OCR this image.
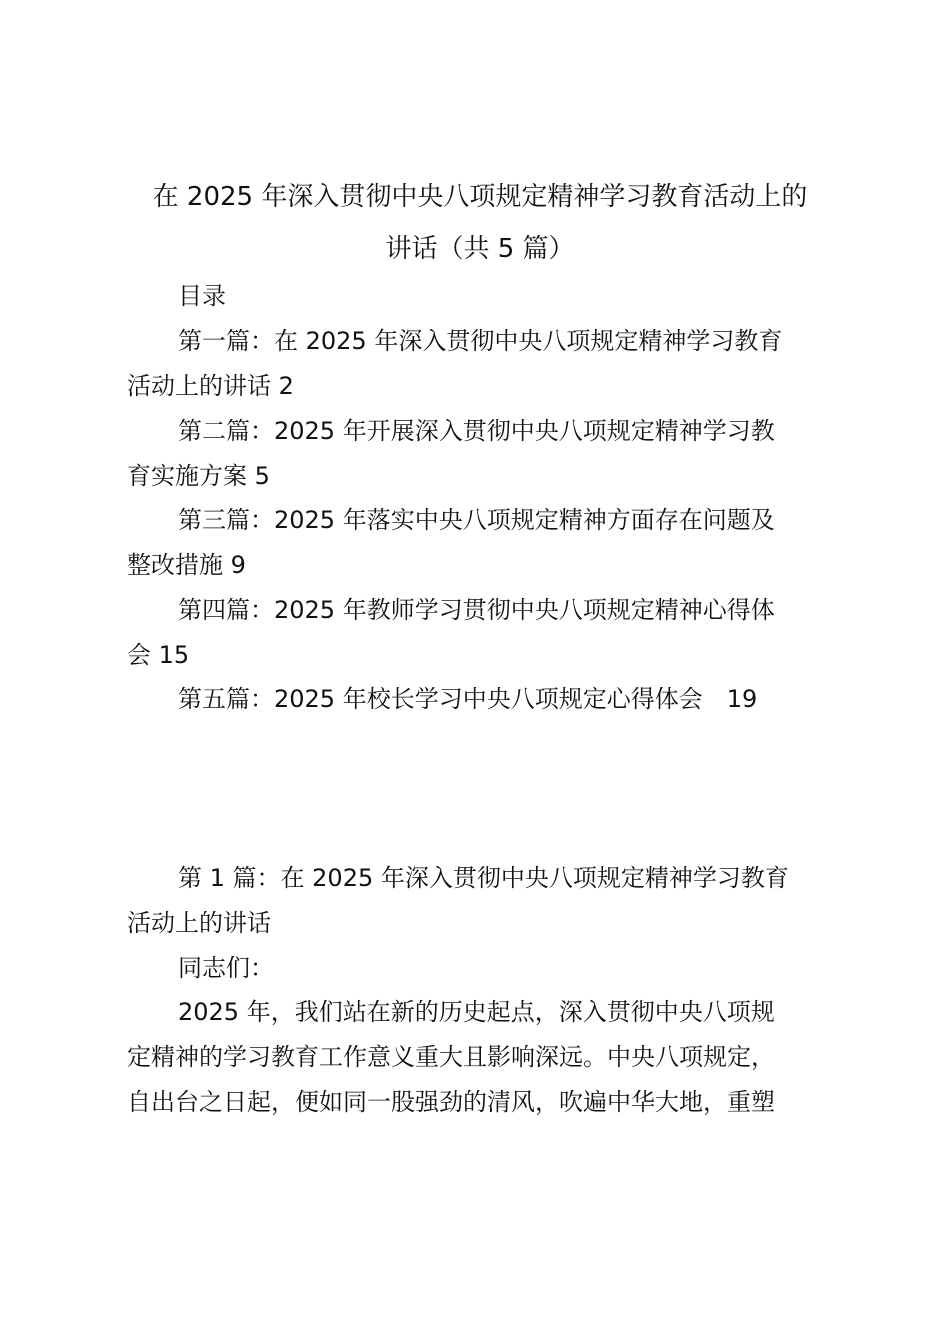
在 2025 年深入贯彻中央八项规定精神学习教育活动上的
讲话（共 5 篇）
目录
第一篇：在 2025 年深入贯彻中央八项规定精神学习教育
活动上的讲话 2
第二篇：2025 年开展深入贯彻中央八项规定精神学习教
育实施方案 5
第三篇：2025 年落实中央八项规定精神方面存在问题及
整改措施 9
第四篇：2025 年教师学习贯彻中央八项规定精神心得体
会 15
第五篇：2025 年校长学习中央八项规定心得体会　19
第 1 篇：在 2025 年深入贯彻中央八项规定精神学习教育
活动上的讲话
同志们：
2025 年，我们站在新的历史起点，深入贯彻中央八项规
定精神的学习教育工作意义重大且影响深远。中央八项规定，
自出台之日起，便如同一股强劲的清风，吹遍中华大地，重塑
